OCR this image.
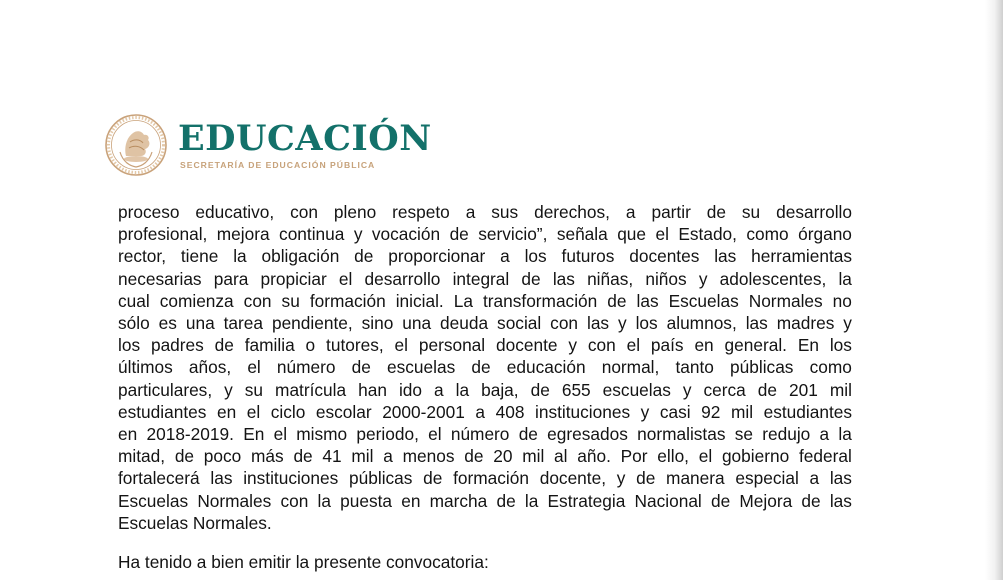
EDUCACIÓN
SECRETARÍA DE EDUCACIÓN PÚBLICA
proceso educativo, con pleno respeto a sus derechos, a partir de su desarrollo
profesional, mejora continua y vocación de servicio”, señala que el Estado, como órgano
rector, tiene la obligación de proporcionar a los futuros docentes las herramientas
necesarias para propiciar el desarrollo integral de las niñas, niños y adolescentes, la
cual comienza con su formación inicial. La transformación de las Escuelas Normales no
sólo es una tarea pendiente, sino una deuda social con las y los alumnos, las madres y
los padres de familia o tutores, el personal docente y con el país en general. En los
últimos años, el número de escuelas de educación normal, tanto públicas como
particulares, y su matrícula han ido a la baja, de 655 escuelas y cerca de 201 mil
estudiantes en el ciclo escolar 2000-2001 a 408 instituciones y casi 92 mil estudiantes
en 2018-2019. En el mismo periodo, el número de egresados normalistas se redujo a la
mitad, de poco más de 41 mil a menos de 20 mil al año. Por ello, el gobierno federal
fortalecerá las instituciones públicas de formación docente, y de manera especial a las
Escuelas Normales con la puesta en marcha de la Estrategia Nacional de Mejora de las
Escuelas Normales.
Ha tenido a bien emitir la presente convocatoria:
